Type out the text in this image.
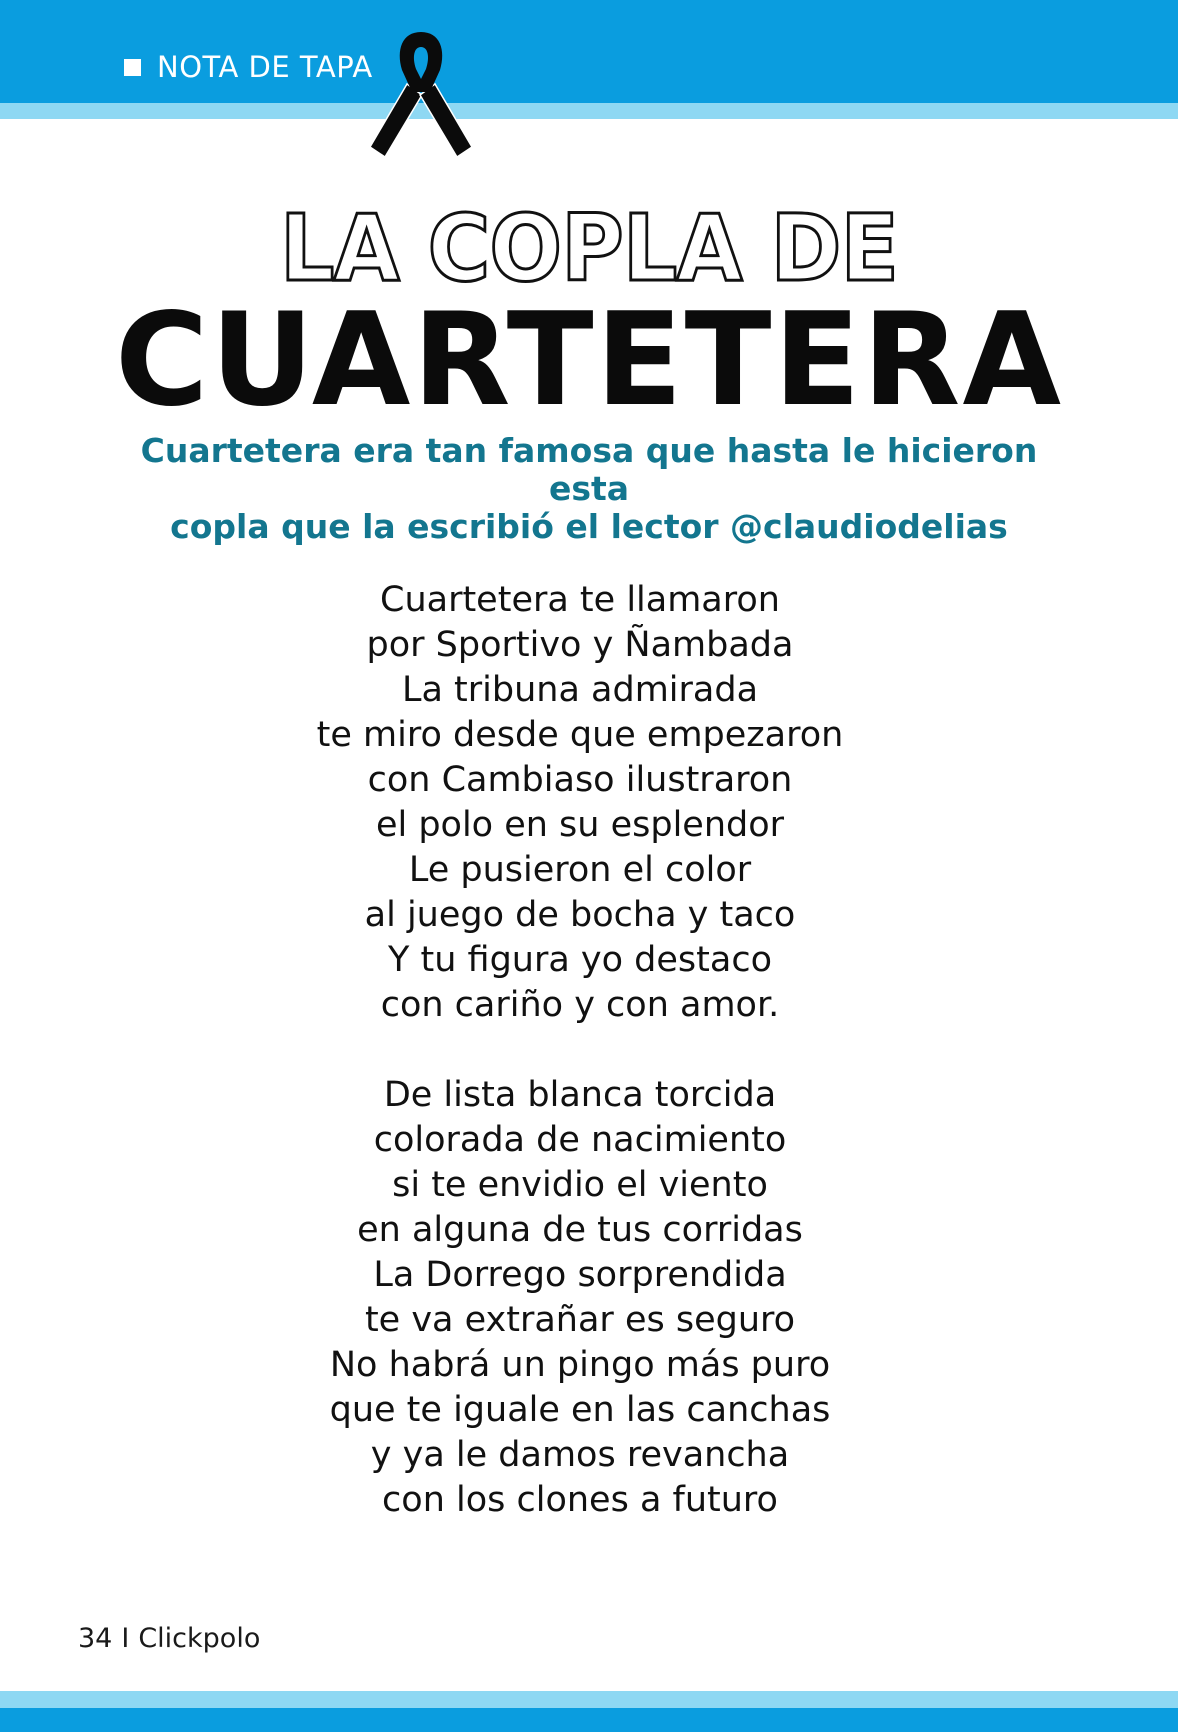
NOTA DE TAPA
LA COPLA DE
CUARTETERA
Cuartetera era tan famosa que hasta le hicieron esta
copla que la escribió el lector @claudiodelias
Cuartetera te llamaron
por Sportivo y Ñambada
La tribuna admirada
te miro desde que empezaron
con Cambiaso ilustraron
el polo en su esplendor
Le pusieron el color
al juego de bocha y taco
Y tu figura yo destaco
con cariño y con amor.
De lista blanca torcida
colorada de nacimiento
si te envidio el viento
en alguna de tus corridas
La Dorrego sorprendida
te va extrañar es seguro
No habrá un pingo más puro
que te iguale en las canchas
y ya le damos revancha
con los clones a futuro
34 I Clickpolo
